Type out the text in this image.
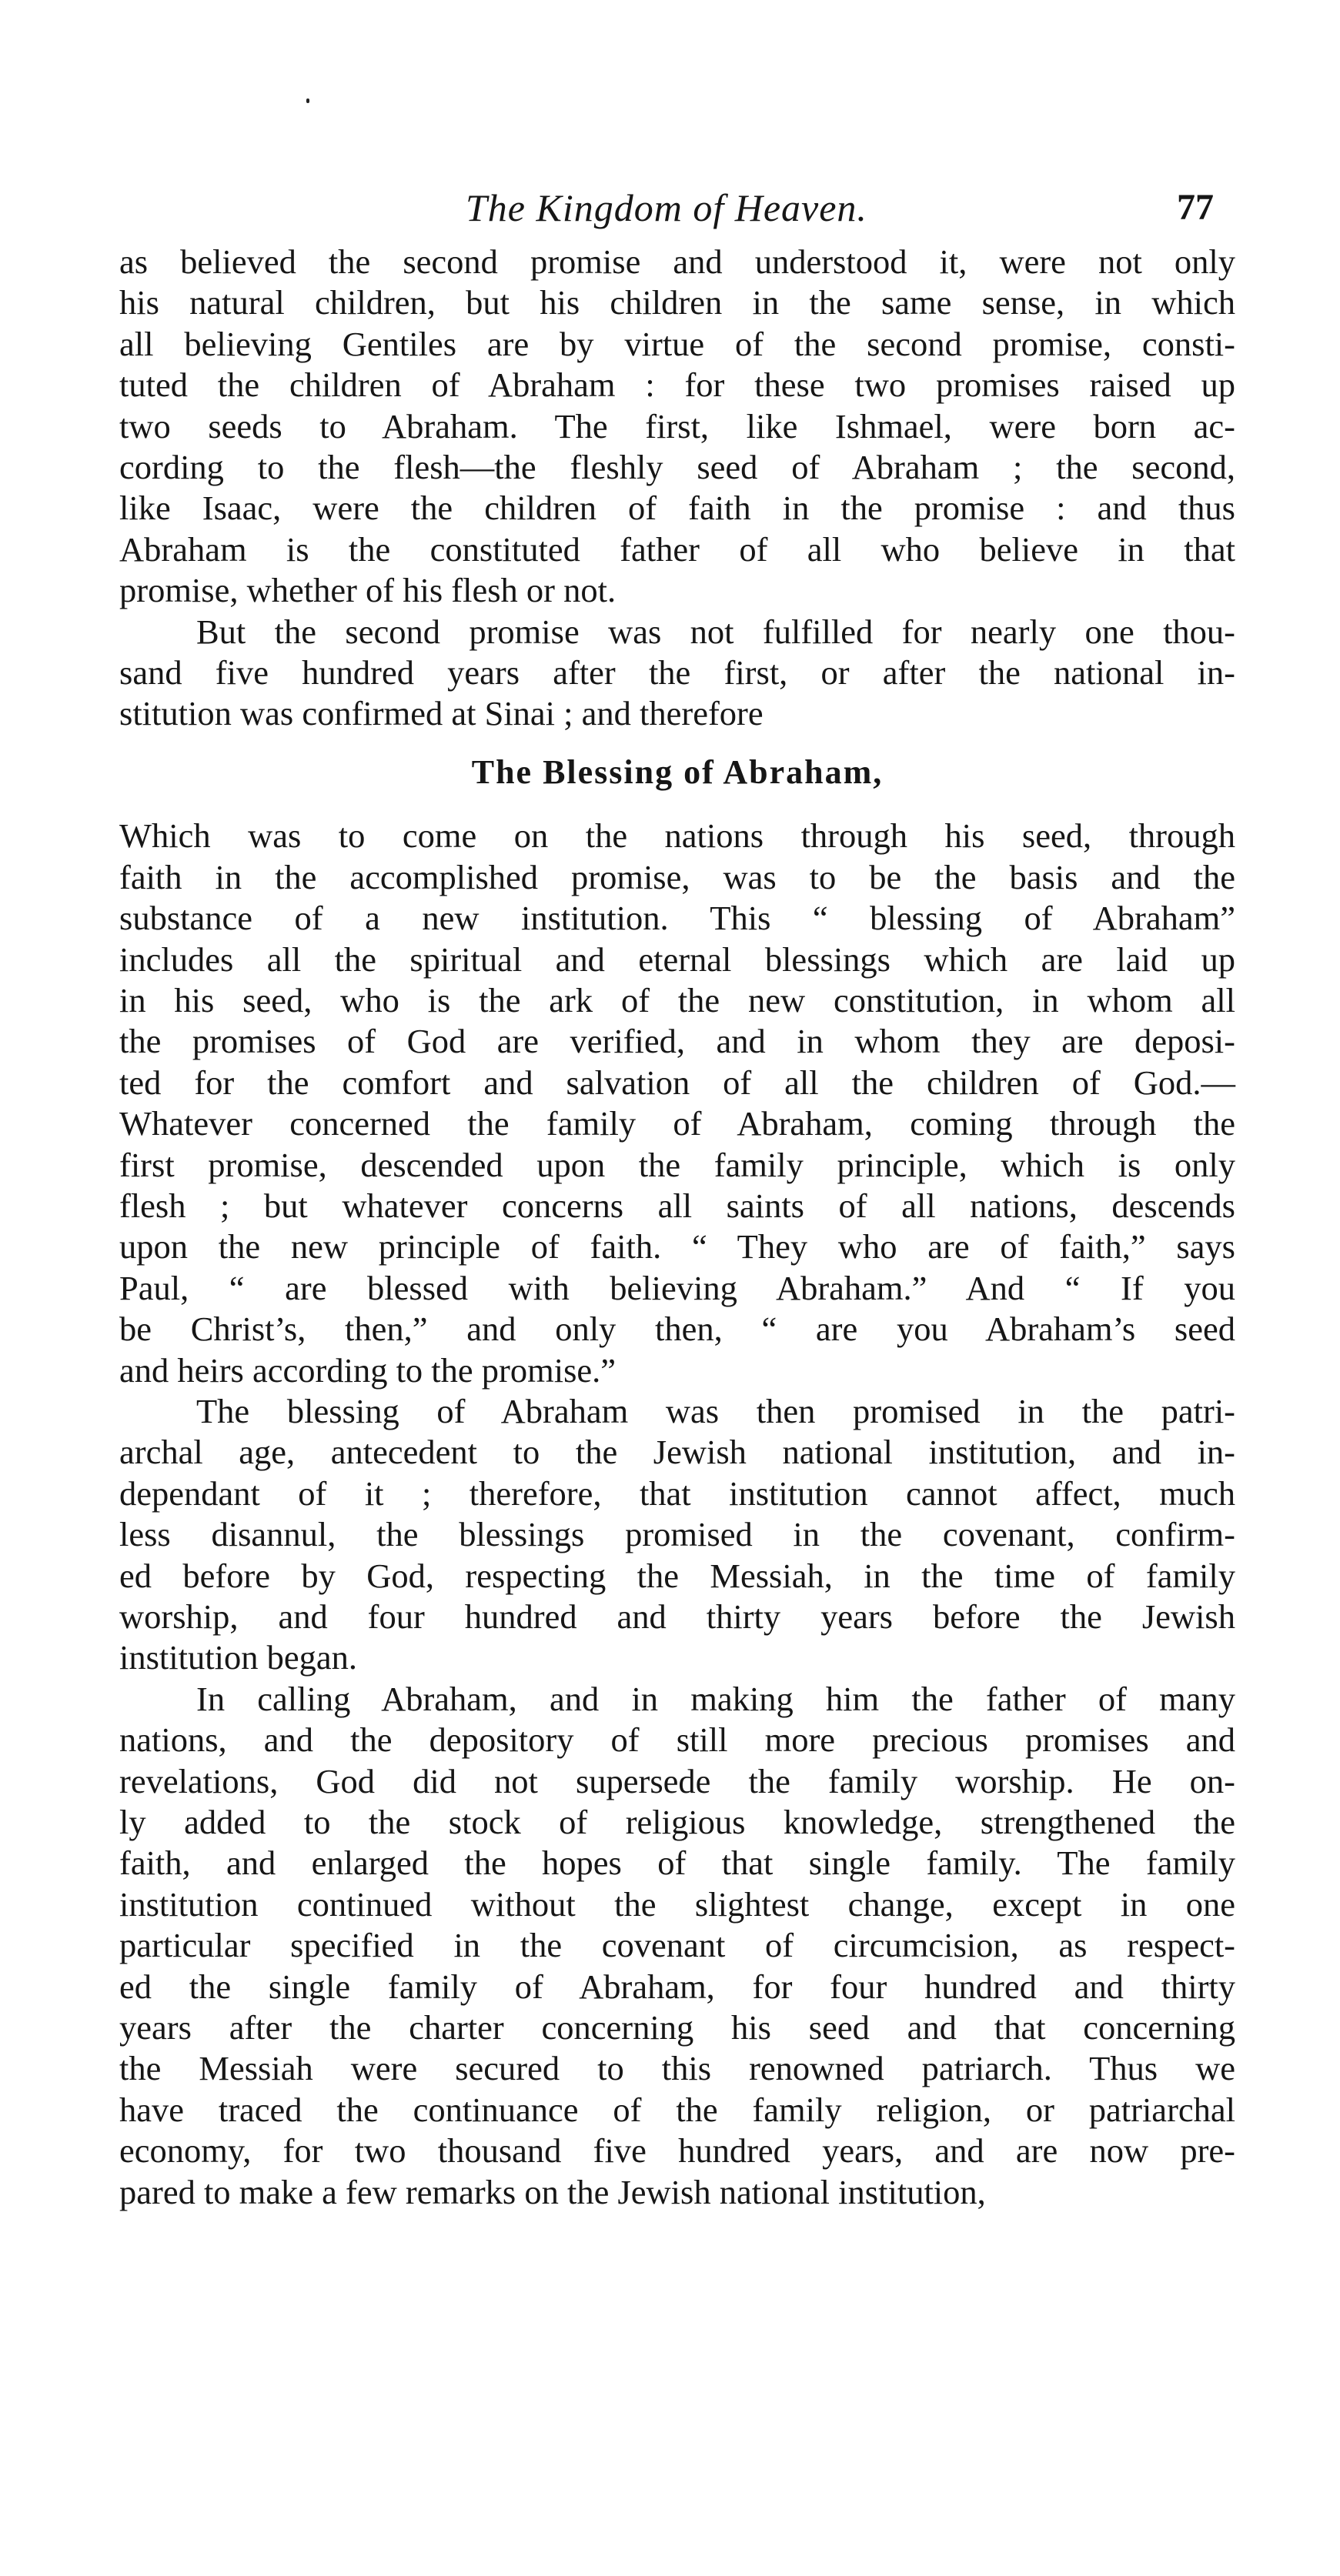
The Kingdom of Heaven.	77
as believed the second promise and understood it, were not only
his natural children, but his children in the same sense, in which
all believing Gentiles are by virtue of the second promise, consti-
tuted the children of Abraham : for these two promises raised up
two seeds to Abraham. The first, like Ishmael, were born ac-
cording to the flesh—the fleshly seed of Abraham ; the second,
like Isaac, were the children of faith in the promise : and thus
Abraham is the constituted father of all who believe in that
promise, whether of his flesh or not.
But the second promise was not fulfilled for nearly one thou-
sand five hundred years after the first, or after the national in-
stitution was confirmed at Sinai ; and therefore
The Blessing of Abraham,
Which was to come on the nations through his seed, through
faith in the accomplished promise, was to be the basis and the
substance of a new institution. This “ blessing of Abraham”
includes all the spiritual and eternal blessings which are laid up
in his seed, who is the ark of the new constitution, in whom all
the promises of God are verified, and in whom they are deposi-
ted for the comfort and salvation of all the children of God.—
Whatever concerned the family of Abraham, coming through the
first promise, descended upon the family principle, which is only
flesh ; but whatever concerns all saints of all nations, descends
upon the new principle of faith. “ They who are of faith,” says
Paul, “ are blessed with believing Abraham.” And “ If you
be Christ’s, then,” and only then, “ are you Abraham’s seed
and heirs according to the promise.”
The blessing of Abraham was then promised in the patri-
archal age, antecedent to the Jewish national institution, and in-
dependant of it ; therefore, that institution cannot affect, much
less disannul, the blessings promised in the covenant, confirm-
ed before by God, respecting the Messiah, in the time of family
worship, and four hundred and thirty years before the Jewish
institution began.
In calling Abraham, and in making him the father of many
nations, and the depository of still more precious promises and
revelations, God did not supersede the family worship. He on-
ly added to the stock of religious knowledge, strengthened the
faith, and enlarged the hopes of that single family. The family
institution continued without the slightest change, except in one
particular specified in the covenant of circumcision, as respect-
ed the single family of Abraham, for four hundred and thirty
years after the charter concerning his seed and that concerning
the Messiah were secured to this renowned patriarch. Thus we
have traced the continuance of the family religion, or patriarchal
economy, for two thousand five hundred years, and are now pre-
pared to make a few remarks on the Jewish national institution,
